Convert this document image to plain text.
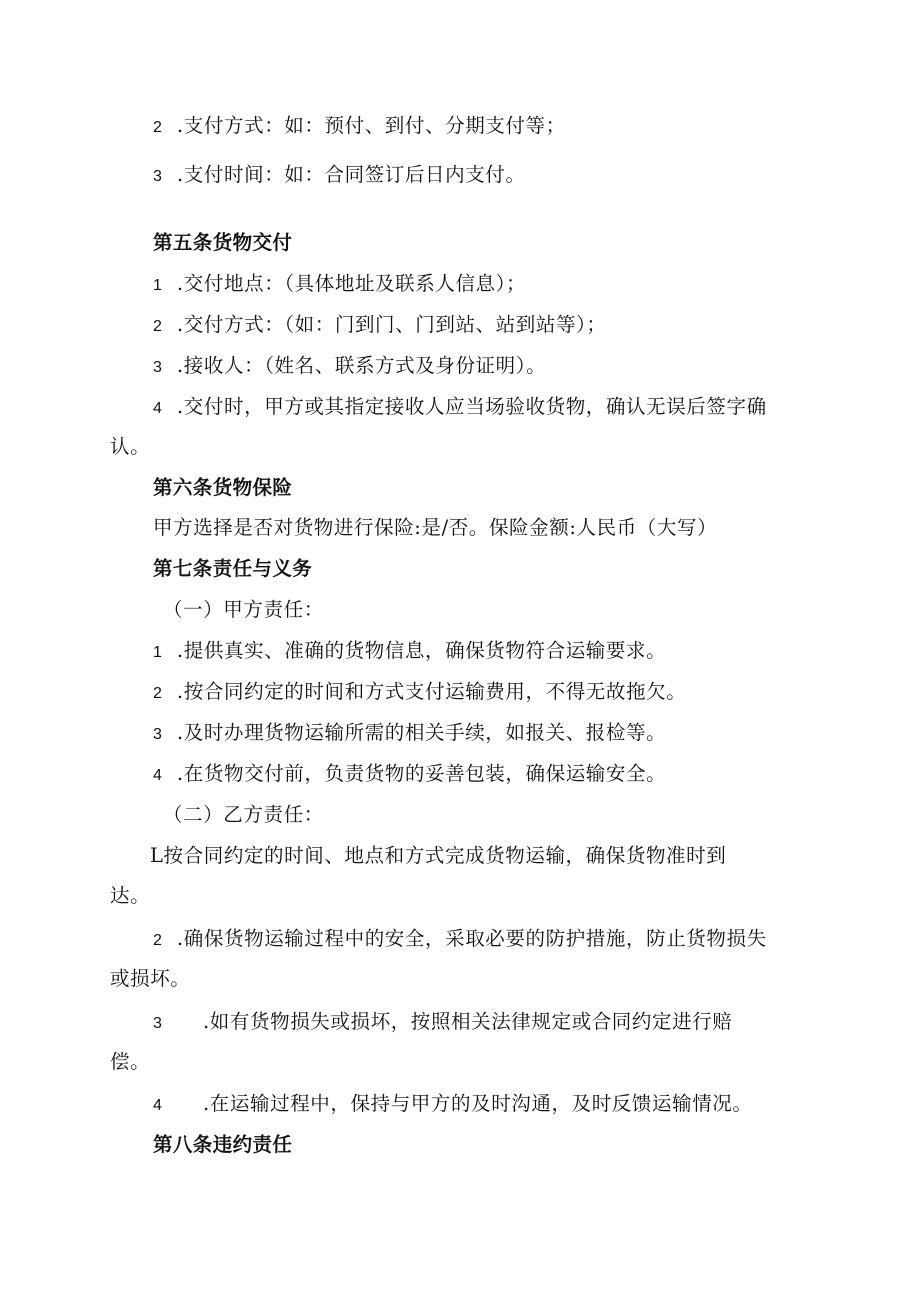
2 .支付方式：如：预付、到付、分期支付等；
3 .支付时间：如：合同签订后日内支付。
第五条货物交付
1 .交付地点：（具体地址及联系人信息）；
2 .交付方式：（如：门到门、门到站、站到站等）；
3 .接收人：（姓名、联系方式及身份证明）。
4 .交付时，甲方或其指定接收人应当场验收货物，确认无误后签字确
认。
第六条货物保险
甲方选择是否对货物进行保险:是/否。保险金额:人民币（大写）
第七条责任与义务
（一）甲方责任：
1 .提供真实、准确的货物信息，确保货物符合运输要求。
2 .按合同约定的时间和方式支付运输费用，不得无故拖欠。
3 .及时办理货物运输所需的相关手续，如报关、报检等。
4 .在货物交付前，负责货物的妥善包装，确保运输安全。
（二）乙方责任：
L按合同约定的时间、地点和方式完成货物运输，确保货物准时到
达。
2 .确保货物运输过程中的安全，采取必要的防护措施，防止货物损失
或损坏。
3 .如有货物损失或损坏，按照相关法律规定或合同约定进行赔
偿。
4 .在运输过程中，保持与甲方的及时沟通，及时反馈运输情况。
第八条违约责任
